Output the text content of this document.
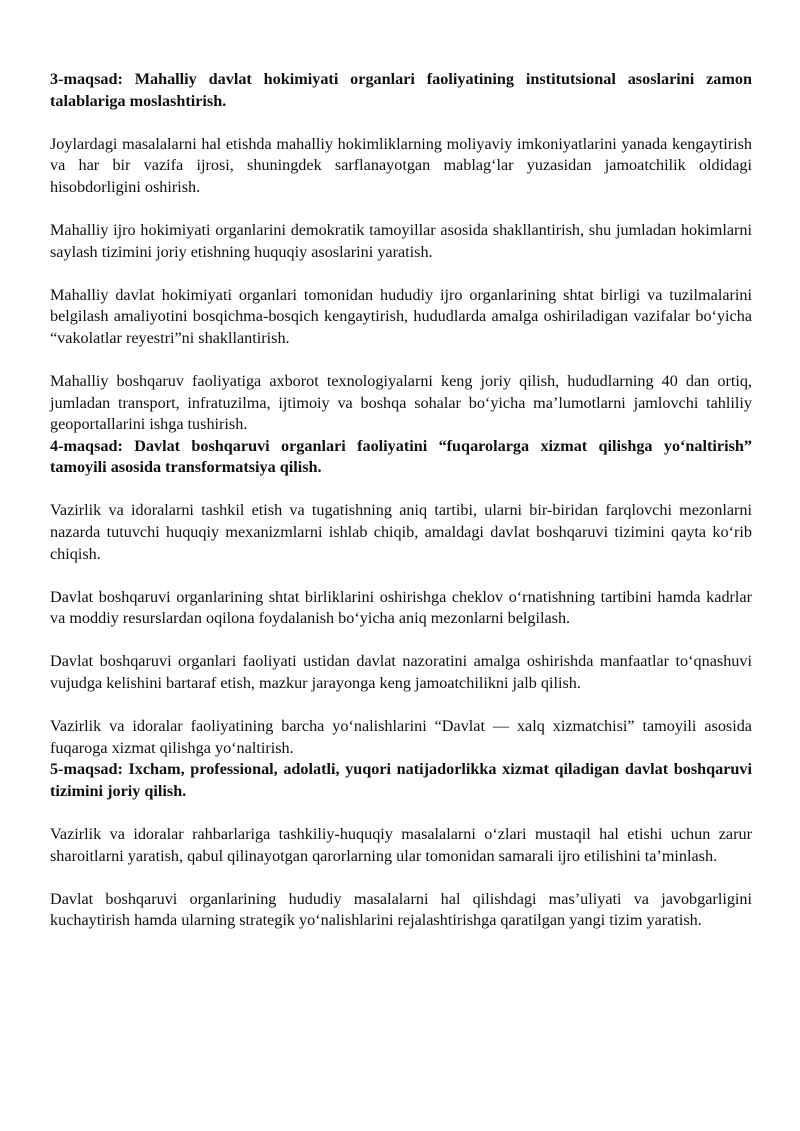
3-maqsad: Mahalliy davlat hokimiyati organlari faoliyatining institutsional asoslarini zamon talablariga moslashtirish.

Joylardagi masalalarni hal etishda mahalliy hokimliklarning moliyaviy imkoniyatlarini yanada kengaytirish va har bir vazifa ijrosi, shuningdek sarflanayotgan mablag‘lar yuzasidan jamoatchilik oldidagi hisobdorligini oshirish.

Mahalliy ijro hokimiyati organlarini demokratik tamoyillar asosida shakllantirish, shu jumladan hokimlarni saylash tizimini joriy etishning huquqiy asoslarini yaratish.

Mahalliy davlat hokimiyati organlari tomonidan hududiy ijro organlarining shtat birligi va tuzilmalarini belgilash amaliyotini bosqichma-bosqich kengaytirish, hududlarda amalga oshiriladigan vazifalar bo‘yicha “vakolatlar reyestri”ni shakllantirish.

Mahalliy boshqaruv faoliyatiga axborot texnologiyalarni keng joriy qilish, hududlarning 40 dan ortiq, jumladan transport, infratuzilma, ijtimoiy va boshqa sohalar bo‘yicha ma’lumotlarni jamlovchi tahliliy geoportallarini ishga tushirish.

4-maqsad: Davlat boshqaruvi organlari faoliyatini “fuqarolarga xizmat qilishga yo‘naltirish” tamoyili asosida transformatsiya qilish.

Vazirlik va idoralarni tashkil etish va tugatishning aniq tartibi, ularni bir-biridan farqlovchi mezonlarni nazarda tutuvchi huquqiy mexanizmlarni ishlab chiqib, amaldagi davlat boshqaruvi tizimini qayta ko‘rib chiqish.

Davlat boshqaruvi organlarining shtat birliklarini oshirishga cheklov o‘rnatishning tartibini hamda kadrlar va moddiy resurslardan oqilona foydalanish bo‘yicha aniq mezonlarni belgilash.

Davlat boshqaruvi organlari faoliyati ustidan davlat nazoratini amalga oshirishda manfaatlar to‘qnashuvi vujudga kelishini bartaraf etish, mazkur jarayonga keng jamoatchilikni jalb qilish.

Vazirlik va idoralar faoliyatining barcha yo‘nalishlarini “Davlat — xalq xizmatchisi” tamoyili asosida fuqaroga xizmat qilishga yo‘naltirish.

5-maqsad: Ixcham, professional, adolatli, yuqori natijadorlikka xizmat qiladigan davlat boshqaruvi tizimini joriy qilish.

Vazirlik va idoralar rahbarlariga tashkiliy-huquqiy masalalarni o‘zlari mustaqil hal etishi uchun zarur sharoitlarni yaratish, qabul qilinayotgan qarorlarning ular tomonidan samarali ijro etilishini ta’minlash.

Davlat boshqaruvi organlarining hududiy masalalarni hal qilishdagi mas’uliyati va javobgarligini kuchaytirish hamda ularning strategik yo‘nalishlarini rejalashtirishga qaratilgan yangi tizim yaratish.
